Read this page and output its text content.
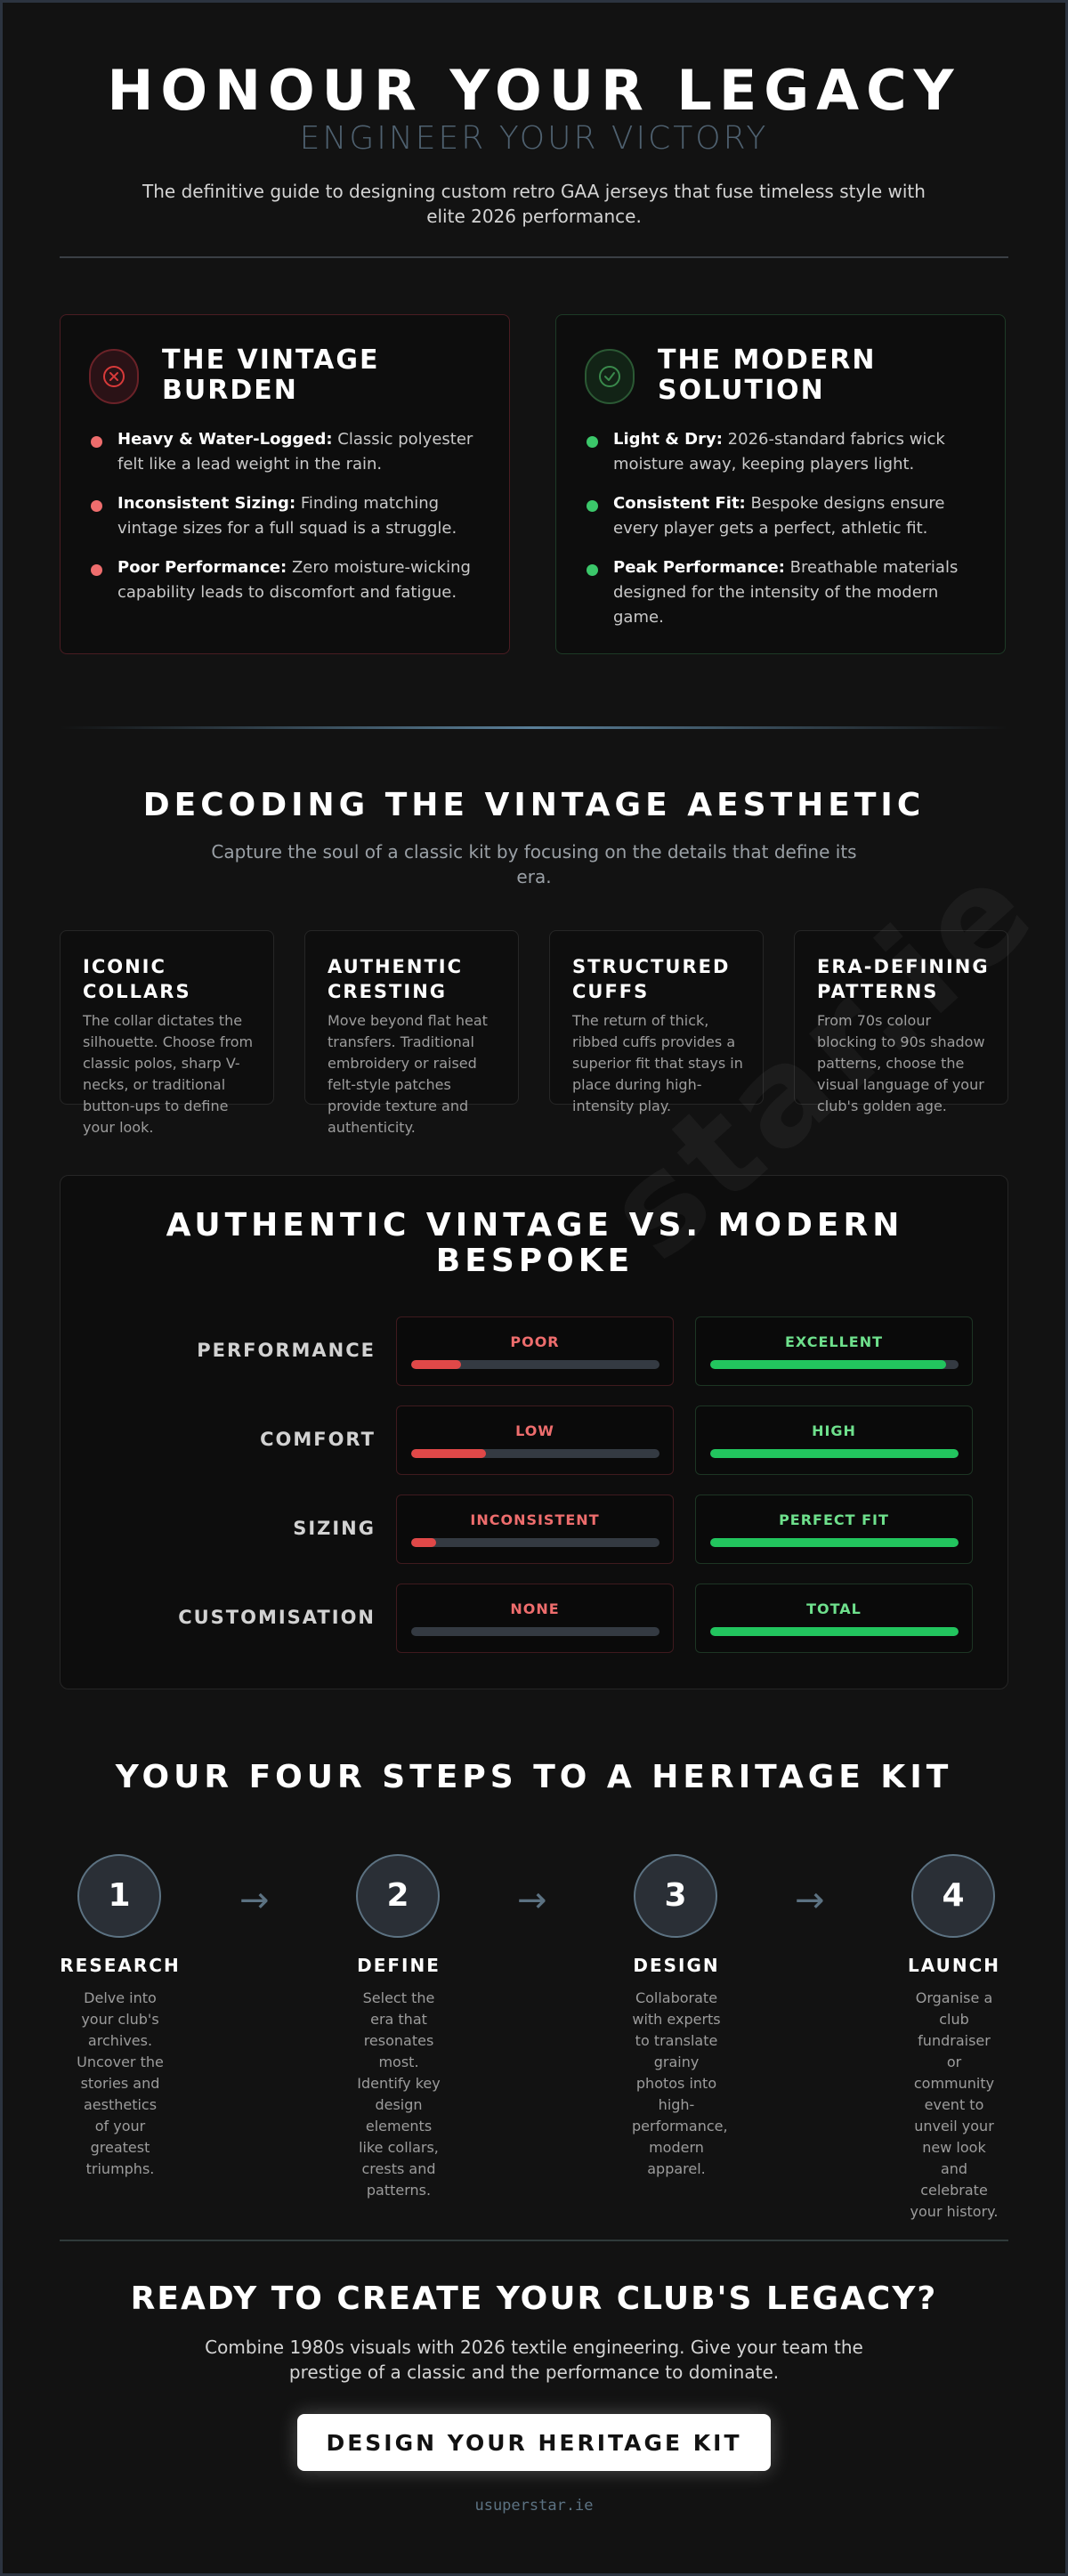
HONOUR YOUR LEGACY
ENGINEER YOUR VICTORY
The definitive guide to designing custom retro GAA jerseys that fuse timeless style with elite 2026 performance.
THE VINTAGE BURDEN
Heavy & Water-Logged: Classic polyester felt like a lead weight in the rain.
Inconsistent Sizing: Finding matching vintage sizes for a full squad is a struggle.
Poor Performance: Zero moisture-wicking capability leads to discomfort and fatigue.
THE MODERN SOLUTION
Light & Dry: 2026-standard fabrics wick moisture away, keeping players light.
Consistent Fit: Bespoke designs ensure every player gets a perfect, athletic fit.
Peak Performance: Breathable materials designed for the intensity of the modern game.
DECODING THE VINTAGE AESTHETIC
Capture the soul of a classic kit by focusing on the details that define its era.
ICONIC COLLARS
The collar dictates the silhouette. Choose from classic polos, sharp V-necks, or traditional button-ups to define your look.
AUTHENTIC CRESTING
Move beyond flat heat transfers. Traditional embroidery or raised felt-style patches provide texture and authenticity.
STRUCTURED CUFFS
The return of thick, ribbed cuffs provides a superior fit that stays in place during high-intensity play.
ERA-DEFINING PATTERNS
From 70s colour blocking to 90s shadow patterns, choose the visual language of your club's golden age.
AUTHENTIC VINTAGE VS. MODERN BESPOKE
PERFORMANCE	POOR	EXCELLENT
COMFORT	LOW	HIGH
SIZING	INCONSISTENT	PERFECT FIT
CUSTOMISATION	NONE	TOTAL
YOUR FOUR STEPS TO A HERITAGE KIT
1
RESEARCH
Delve into your club's archives. Uncover the stories and aesthetics of your greatest triumphs.
→	2
DEFINE
Select the era that resonates most. Identify key design elements like collars, crests and patterns.
→	3
DESIGN
Collaborate with experts to translate grainy photos into high-performance, modern apparel.
→	4
LAUNCH
Organise a club fundraiser or community event to unveil your new look and celebrate your history.
READY TO CREATE YOUR CLUB'S LEGACY?
Combine 1980s visuals with 2026 textile engineering. Give your team the prestige of a classic and the performance to dominate.
DESIGN YOUR HERITAGE KIT
usuperstar.ie
